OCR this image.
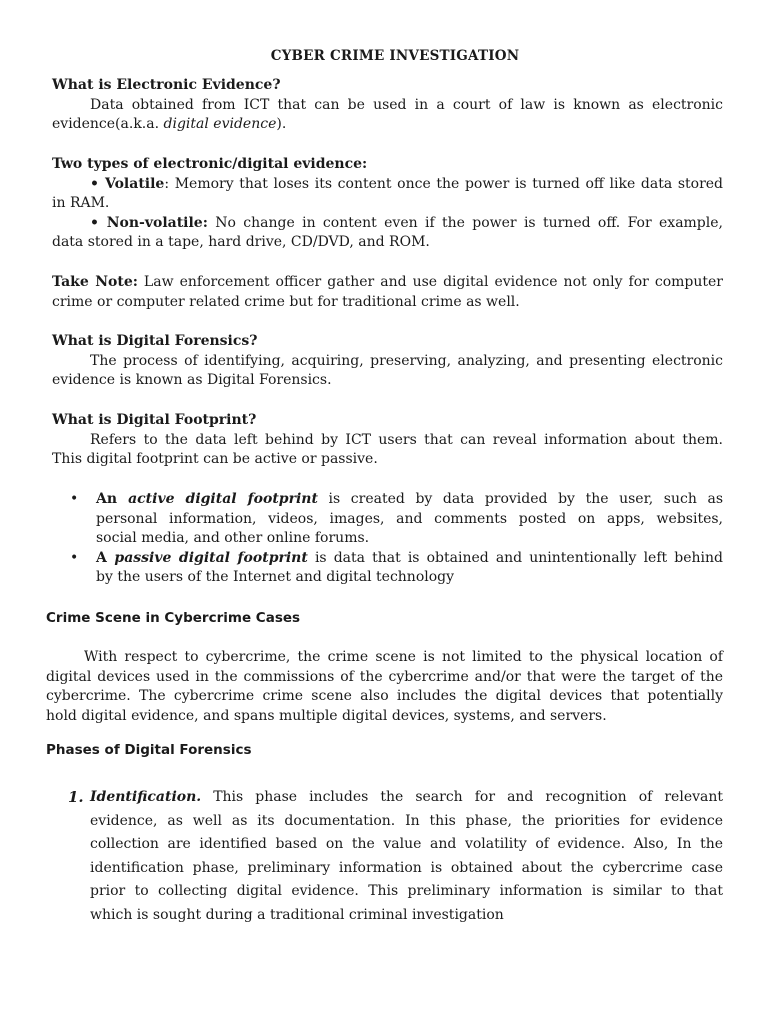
CYBER CRIME INVESTIGATION

What is Electronic Evidence?

Data obtained from ICT that can be used in a court of law is known as electronic

evidence(a.k.a. digital evidence).

Two types of electronic/digital evidence:

• Volatile: Memory that loses its content once the power is turned off like data stored

in RAM.

• Non-volatile: No change in content even if the power is turned off. For example,

data stored in a tape, hard drive, CD/DVD, and ROM.

Take Note: Law enforcement officer gather and use digital evidence not only for computer

crime or computer related crime but for traditional crime as well.

What is Digital Forensics?

The process of identifying, acquiring, preserving, analyzing, and presenting electronic

evidence is known as Digital Forensics.

What is Digital Footprint?

Refers to the data left behind by ICT users that can reveal information about them.

This digital footprint can be active or passive.

• An active digital footprint is created by data provided by the user, such as

personal information, videos, images, and comments posted on apps, websites,

social media, and other online forums.

• A passive digital footprint is data that is obtained and unintentionally left behind

by the users of the Internet and digital technology

Crime Scene in Cybercrime Cases

With respect to cybercrime, the crime scene is not limited to the physical location of

digital devices used in the commissions of the cybercrime and/or that were the target of the

cybercrime. The cybercrime crime scene also includes the digital devices that potentially

hold digital evidence, and spans multiple digital devices, systems, and servers.

Phases of Digital Forensics

1. Identification. This phase includes the search for and recognition of relevant

evidence, as well as its documentation. In this phase, the priorities for evidence

collection are identified based on the value and volatility of evidence. Also, In the

identification phase, preliminary information is obtained about the cybercrime case

prior to collecting digital evidence. This preliminary information is similar to that

which is sought during a traditional criminal investigation
